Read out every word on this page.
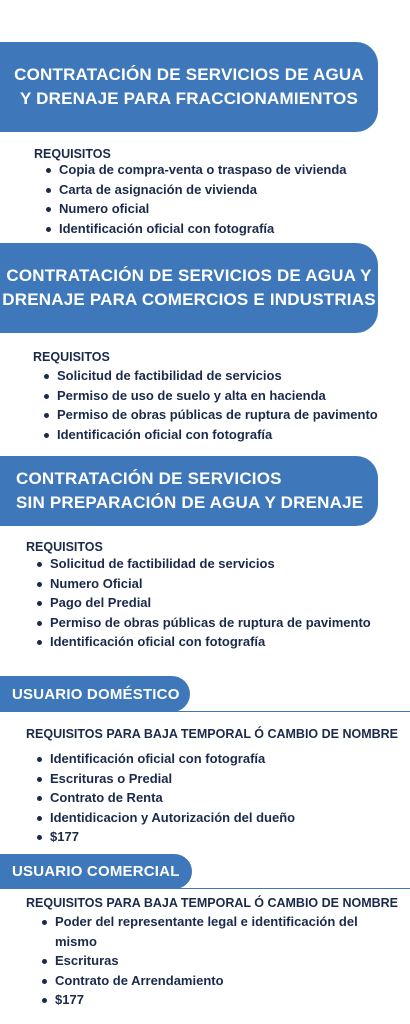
CONTRATACIÓN DE SERVICIOS DE AGUA
Y DRENAJE PARA FRACCIONAMIENTOS
REQUISITOS
Copia de compra-venta o traspaso de vivienda
Carta de asignación de vivienda
Numero oficial
Identificación oficial con fotografía
CONTRATACIÓN DE SERVICIOS DE AGUA Y
DRENAJE PARA COMERCIOS E INDUSTRIAS
REQUISITOS
Solicitud de factibilidad de servicios
Permiso de uso de suelo y alta en hacienda
Permiso de obras públicas de ruptura de pavimento
Identificación oficial con fotografía
CONTRATACIÓN DE SERVICIOS
SIN PREPARACIÓN DE AGUA Y DRENAJE
REQUISITOS
Solicitud de factibilidad de servicios
Numero Oficial
Pago del Predial
Permiso de obras públicas de ruptura de pavimento
Identificación oficial con fotografía
USUARIO DOMÉSTICO
REQUISITOS PARA BAJA TEMPORAL Ó CAMBIO DE NOMBRE
Identificación oficial con fotografía
Escrituras o Predial
Contrato de Renta
Identidicacion y Autorización del dueño
$177
USUARIO COMERCIAL
REQUISITOS PARA BAJA TEMPORAL Ó CAMBIO DE NOMBRE
Poder del representante legal e identificación del mismo
Escrituras
Contrato de Arrendamiento
$177
